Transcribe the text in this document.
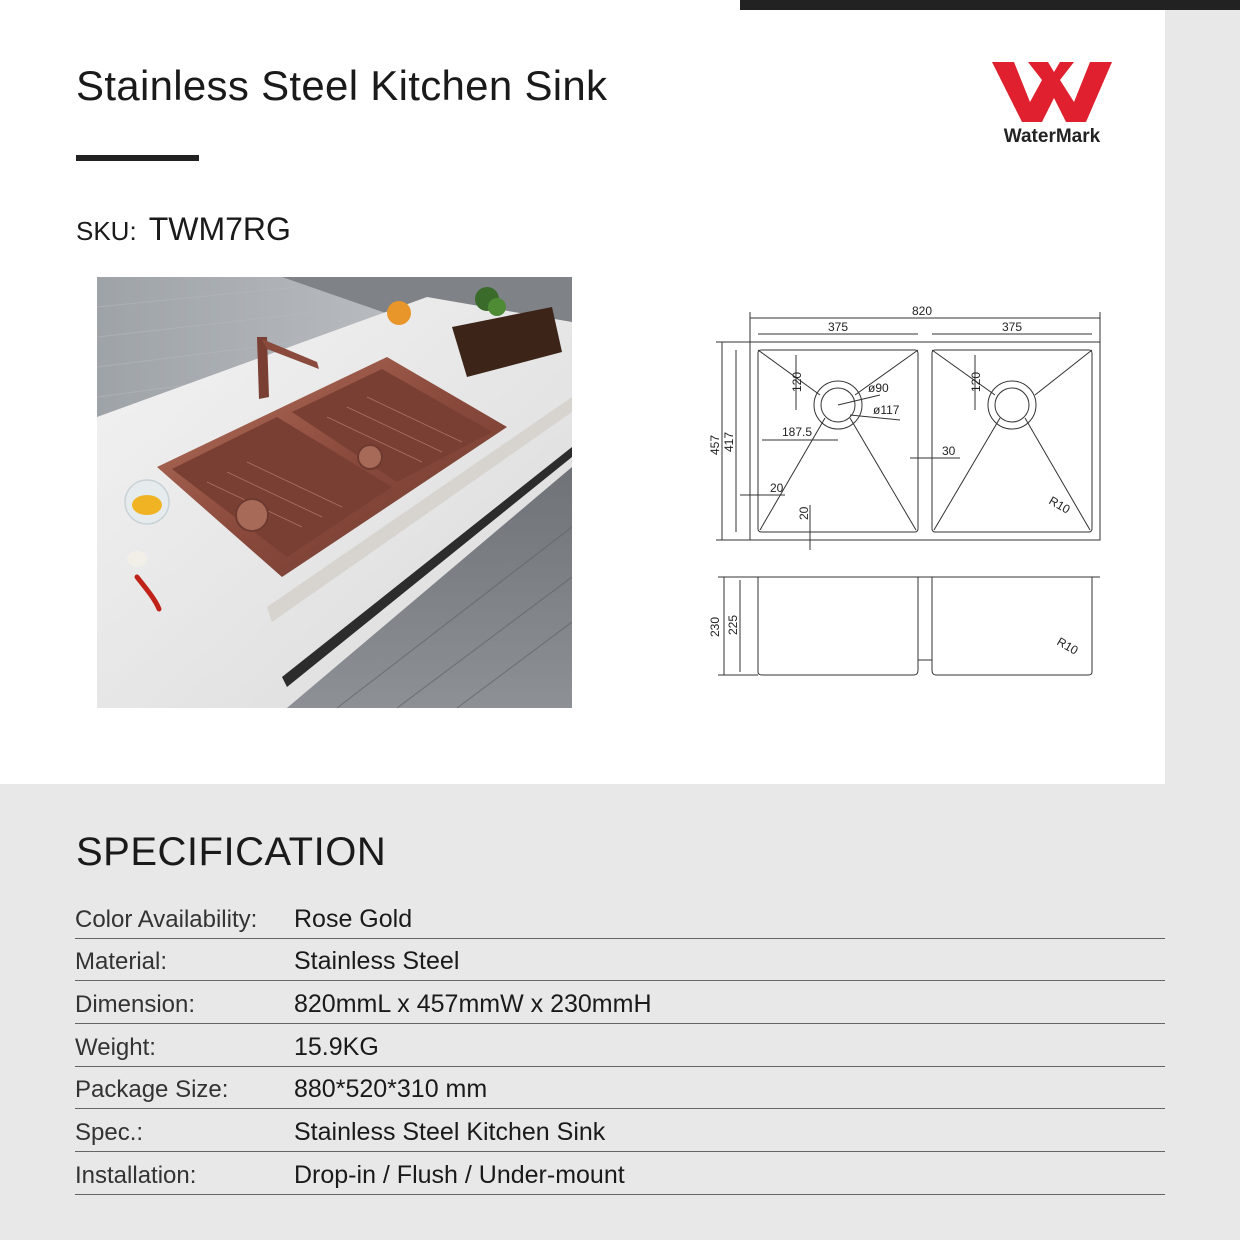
Stainless Steel Kitchen Sink
SKU: TWM7RG
WaterMark
820
375	375
120	120
ø90
ø117
187.5
457 417	30
20
20	R10
230 225
R10
SPECIFICATION
Color Availability: Rose Gold
Material:	Stainless Steel
Dimension:	820mmL x 457mmW x 230mmH
Weight:	15.9KG
Package Size:	880*520*310 mm
Spec.:	Stainless Steel Kitchen Sink
Installation:	Drop-in / Flush / Under-mount
